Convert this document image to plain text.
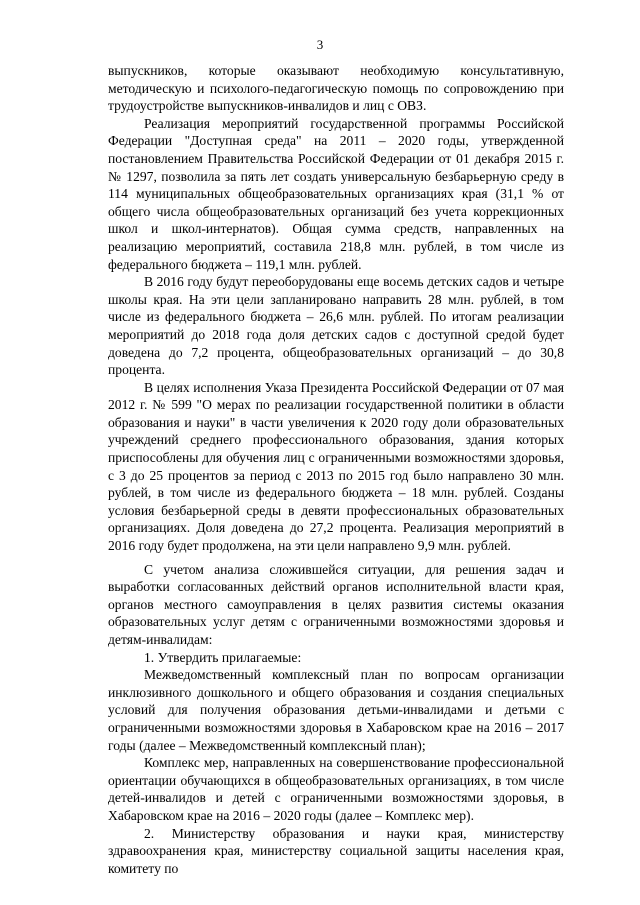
3

выпускников, которые оказывают необходимую консультативную, методическую и психолого-педагогическую помощь по сопровождению при трудоустройстве выпускников-инвалидов и лиц с ОВЗ.

Реализация мероприятий государственной программы Российской Федерации "Доступная среда" на 2011 – 2020 годы, утвержденной постановлением Правительства Российской Федерации от 01 декабря 2015 г. № 1297, позволила за пять лет создать универсальную безбарьерную среду в 114 муниципальных общеобразовательных организациях края (31,1 % от общего числа общеобразовательных организаций без учета коррекционных школ и школ-интернатов). Общая сумма средств, направленных на реализацию мероприятий, составила 218,8 млн. рублей, в том числе из федерального бюджета – 119,1 млн. рублей.

В 2016 году будут переоборудованы еще восемь детских садов и четыре школы края. На эти цели запланировано направить 28 млн. рублей, в том числе из федерального бюджета – 26,6 млн. рублей. По итогам реализации мероприятий до 2018 года доля детских садов с доступной средой будет доведена до 7,2 процента, общеобразовательных организаций – до 30,8 процента.

В целях исполнения Указа Президента Российской Федерации от 07 мая 2012 г. № 599 "О мерах по реализации государственной политики в области образования и науки" в части увеличения к 2020 году доли образовательных учреждений среднего профессионального образования, здания которых приспособлены для обучения лиц с ограниченными возможностями здоровья, с 3 до 25 процентов за период с 2013 по 2015 год было направлено 30 млн. рублей, в том числе из федерального бюджета – 18 млн. рублей. Созданы условия безбарьерной среды в девяти профессиональных образовательных организациях. Доля доведена до 27,2 процента. Реализация мероприятий в 2016 году будет продолжена, на эти цели направлено 9,9 млн. рублей.

С учетом анализа сложившейся ситуации, для решения задач и выработки согласованных действий органов исполнительной власти края, органов местного самоуправления в целях развития системы оказания образовательных услуг детям с ограниченными возможностями здоровья и детям-инвалидам:

1. Утвердить прилагаемые:

Межведомственный комплексный план по вопросам организации инклюзивного дошкольного и общего образования и создания специальных условий для получения образования детьми-инвалидами и детьми с ограниченными возможностями здоровья в Хабаровском крае на 2016 – 2017 годы (далее – Межведомственный комплексный план);

Комплекс мер, направленных на совершенствование профессиональной ориентации обучающихся в общеобразовательных организациях, в том числе детей-инвалидов и детей с ограниченными возможностями здоровья, в Хабаровском крае на 2016 – 2020 годы (далее – Комплекс мер).

2. Министерству образования и науки края, министерству здравоохранения края, министерству социальной защиты населения края, комитету по
